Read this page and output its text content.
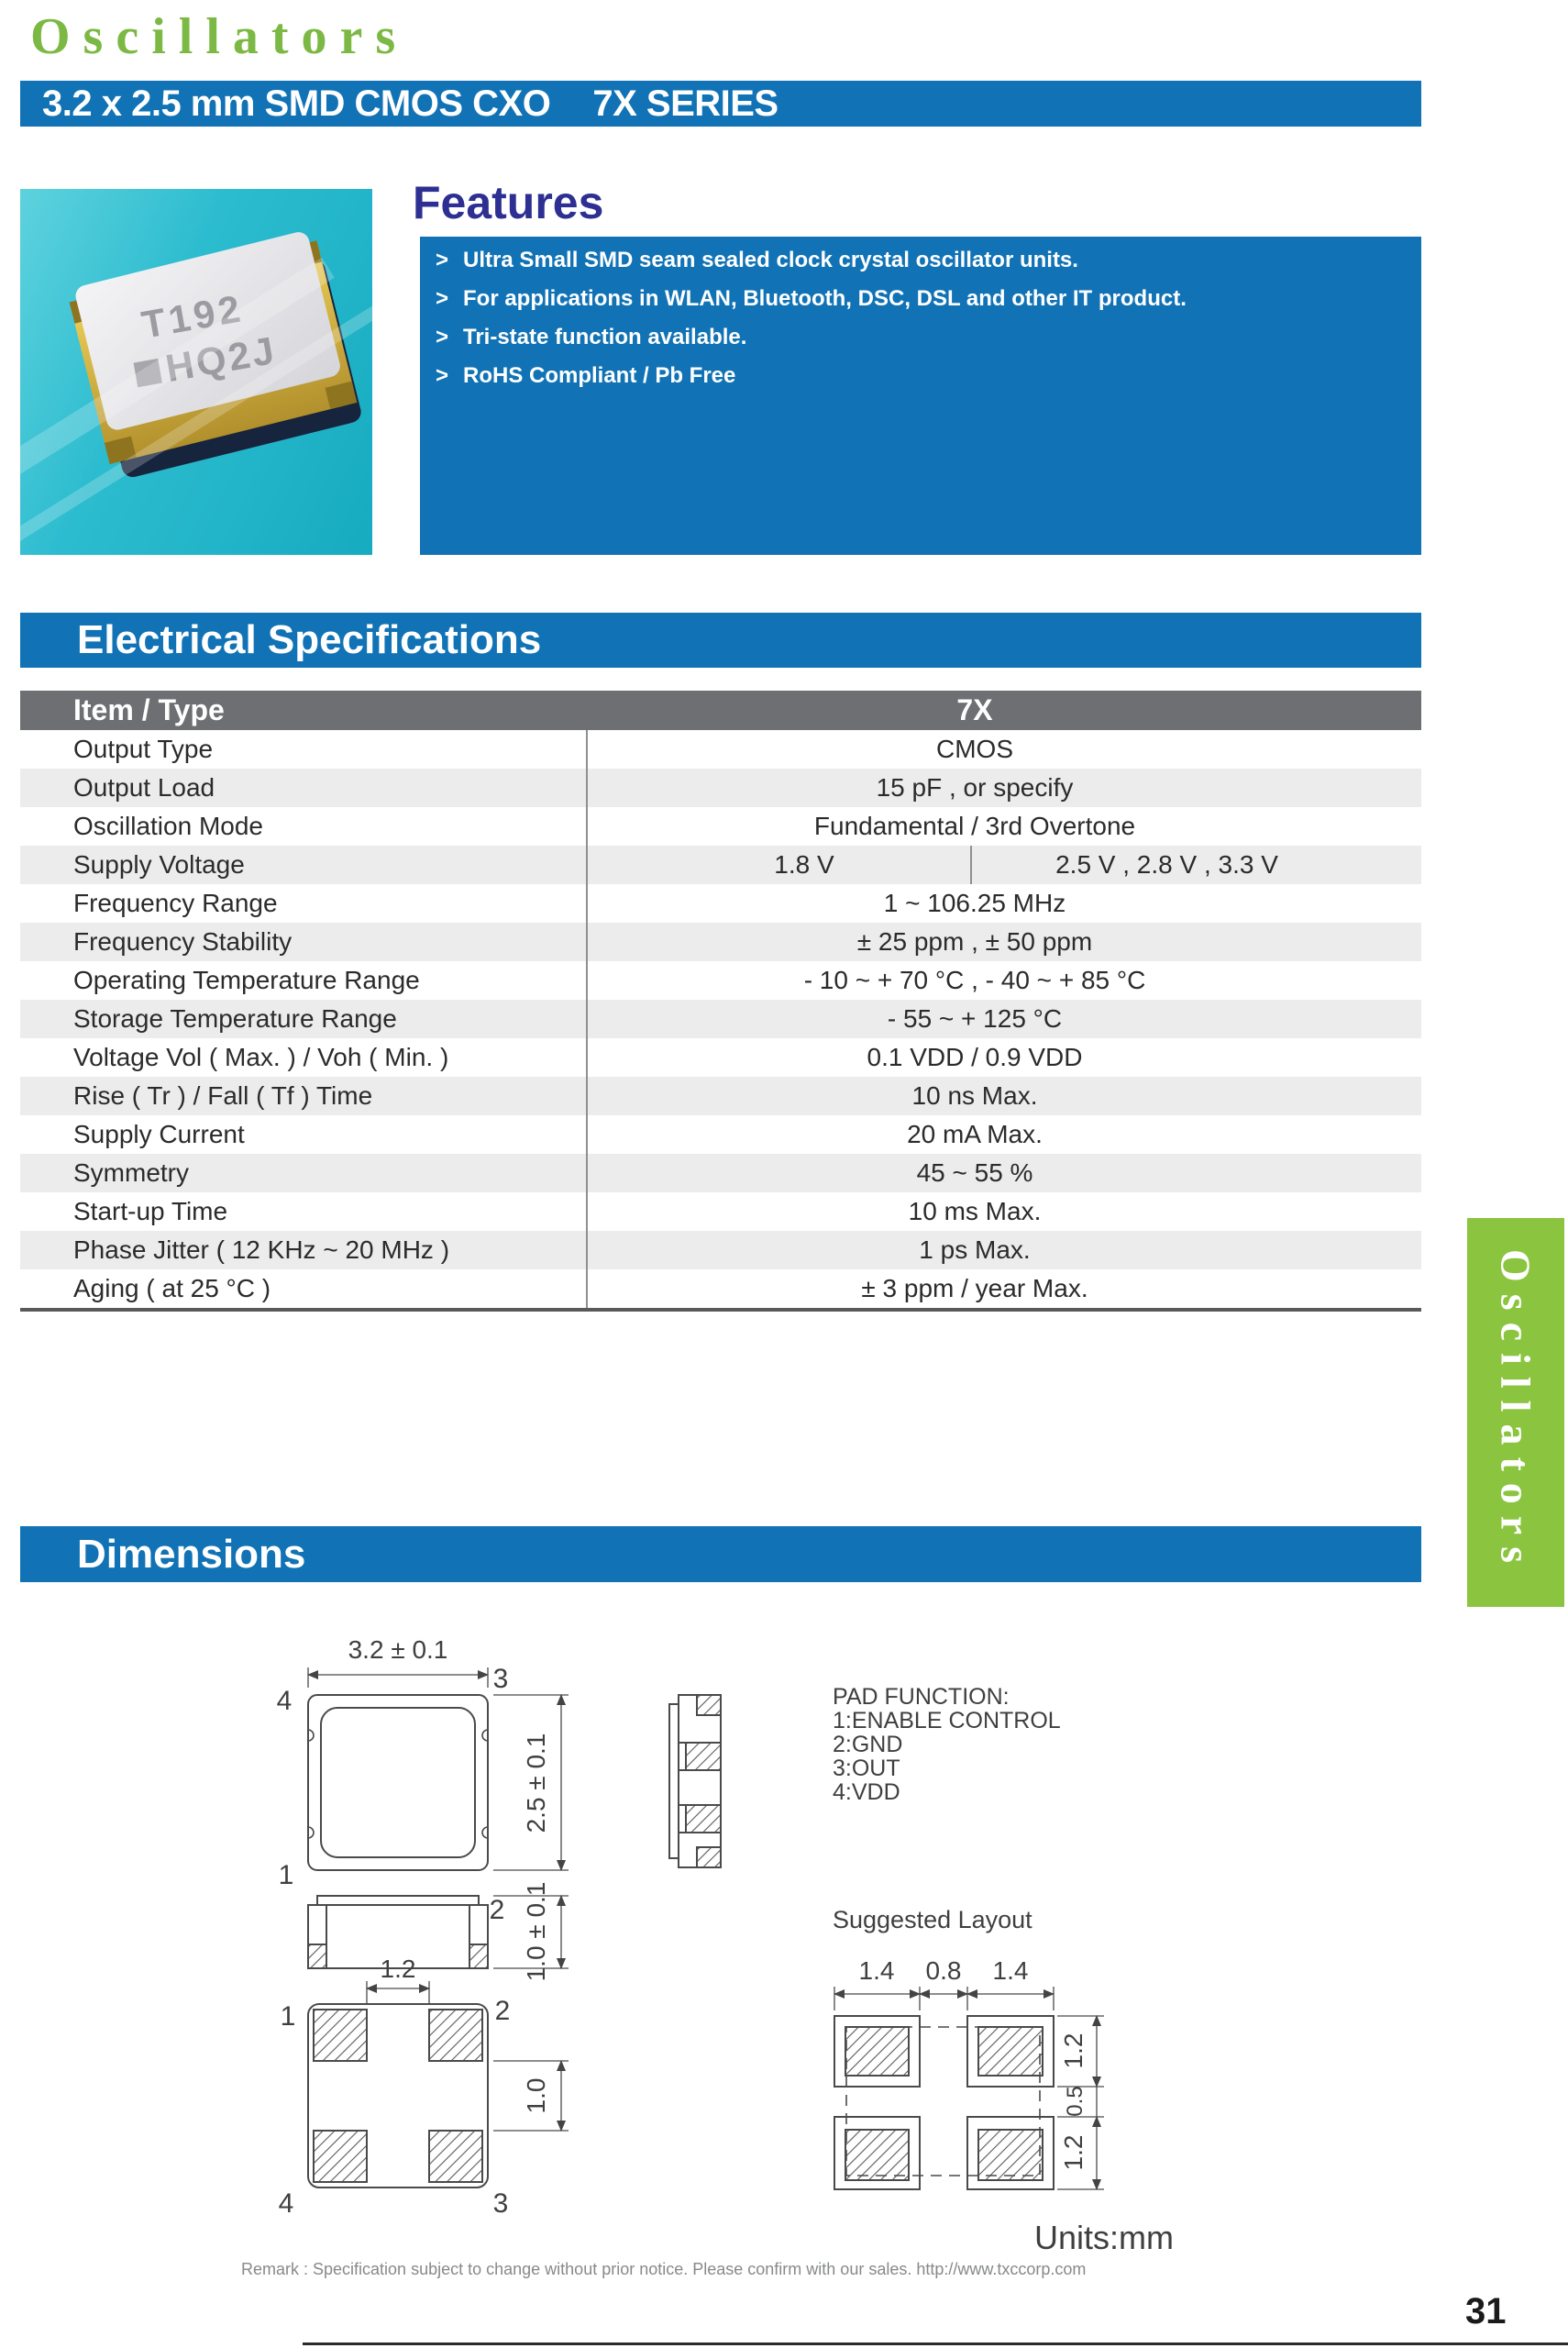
Oscillators
3.2 x 2.5 mm SMD CMOS CXO 7X SERIES
Features
T192
HQ2J
> Ultra Small SMD seam sealed clock crystal oscillator units.
> For applications in WLAN, Bluetooth, DSC, DSL and other IT product.
> Tri-state function available.
> RoHS Compliant / Pb Free
Electrical Specifications
Item / Type	7X
Output Type	CMOS
Output Load	15 pF , or specify
Oscillation Mode	Fundamental / 3rd Overtone
Supply Voltage	1.8 V	2.5 V , 2.8 V , 3.3 V
Frequency Range	1 ~ 106.25 MHz
Frequency Stability	± 25 ppm , ± 50 ppm
Operating Temperature Range	- 10 ~ + 70 °C , - 40 ~ + 85 °C
Storage Temperature Range	- 55 ~ + 125 °C
Voltage Vol ( Max. ) / Voh ( Min. )	0.1 VDD / 0.9 VDD
Rise ( Tr ) / Fall ( Tf ) Time	10 ns Max.
Supply Current	20 mA Max.
Symmetry	45 ~ 55 %
Start-up Time	10 ms Max.
Phase Jitter ( 12 KHz ~ 20 MHz )	1 ps Max.
Aging ( at 25 °C )	± 3 ppm / year Max.	Oscillators
Dimensions
3.2 ± 0.1
4
3
1
2
2.5 ± 0.1
1.0 ± 0.1
1.2
1	2
4	3
1.0
PAD FUNCTION:
1:ENABLE CONTROL
2:GND
3:OUT
4:VDD
Suggested Layout
1.4 0.8 1.4
1.2
0.5
1.2
Units:mm
Remark : Specification subject to change without prior notice. Please confirm with our sales. http://www.txccorp.com
31
